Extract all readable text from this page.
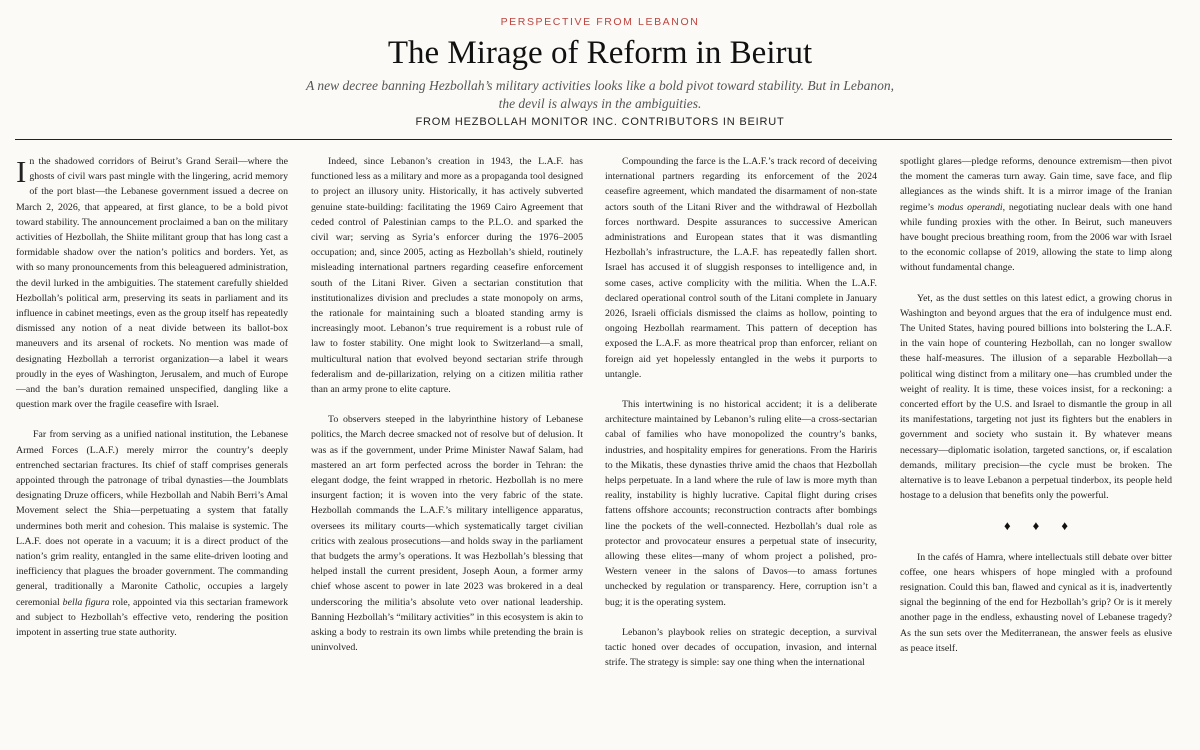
PERSPECTIVE FROM LEBANON
The Mirage of Reform in Beirut

A new decree banning Hezbollah’s military activities looks like a bold pivot toward stability. But in Lebanon, the devil is always in the ambiguities.

FROM HEZBOLLAH MONITOR INC. CONTRIBUTORS IN BEIRUT

In the shadowed corridors of Beirut’s Grand Serail—where the ghosts of civil wars past mingle with the lingering, acrid memory of the port blast—the Lebanese government issued a decree on March 2, 2026, that appeared, at first glance, to be a bold pivot toward stability. The announcement proclaimed a ban on the military activities of Hezbollah, the Shiite militant group that has long cast a formidable shadow over the nation’s politics and borders. Yet, as with so many pronouncements from this beleaguered administration, the devil lurked in the ambiguities. The statement carefully shielded Hezbollah’s political arm, preserving its seats in parliament and its influence in cabinet meetings, even as the group itself has repeatedly dismissed any notion of a neat divide between its ballot-box maneuvers and its arsenal of rockets. No mention was made of designating Hezbollah a terrorist organization—a label it wears proudly in the eyes of Washington, Jerusalem, and much of Europe—and the ban’s duration remained unspecified, dangling like a question mark over the fragile ceasefire with Israel.

Far from serving as a unified national institution, the Lebanese Armed Forces (L.A.F.) merely mirror the country’s deeply entrenched sectarian fractures. Its chief of staff comprises generals appointed through the patronage of tribal dynasties—the Joumblats designating Druze officers, while Hezbollah and Nabih Berri’s Amal Movement select the Shia—perpetuating a system that fatally undermines both merit and cohesion. This malaise is systemic. The L.A.F. does not operate in a vacuum; it is a direct product of the nation’s grim reality, entangled in the same elite-driven looting and inefficiency that plagues the broader government. The commanding general, traditionally a Maronite Catholic, occupies a largely ceremonial bella figura role, appointed via this sectarian framework and subject to Hezbollah’s effective veto, rendering the position impotent in asserting true state authority.

Indeed, since Lebanon’s creation in 1943, the L.A.F. has functioned less as a military and more as a propaganda tool designed to project an illusory unity. Historically, it has actively subverted genuine state-building: facilitating the 1969 Cairo Agreement that ceded control of Palestinian camps to the P.L.O. and sparked the civil war; serving as Syria’s enforcer during the 1976–2005 occupation; and, since 2005, acting as Hezbollah’s shield, routinely misleading international partners regarding ceasefire enforcement south of the Litani River. Given a sectarian constitution that institutionalizes division and precludes a state monopoly on arms, the rationale for maintaining such a bloated standing army is increasingly moot. Lebanon’s true requirement is a robust rule of law to foster stability. One might look to Switzerland—a small, multicultural nation that evolved beyond sectarian strife through federalism and de-pillarization, relying on a citizen militia rather than an army prone to elite capture.

To observers steeped in the labyrinthine history of Lebanese politics, the March decree smacked not of resolve but of delusion. It was as if the government, under Prime Minister Nawaf Salam, had mastered an art form perfected across the border in Tehran: the elegant dodge, the feint wrapped in rhetoric. Hezbollah is no mere insurgent faction; it is woven into the very fabric of the state. Hezbollah commands the L.A.F.’s military intelligence apparatus, oversees its military courts—which systematically target civilian critics with zealous prosecutions—and holds sway in the parliament that budgets the army’s operations. It was Hezbollah’s blessing that helped install the current president, Joseph Aoun, a former army chief whose ascent to power in late 2023 was brokered in a deal underscoring the militia’s absolute veto over national leadership. Banning Hezbollah’s “military activities” in this ecosystem is akin to asking a body to restrain its own limbs while pretending the brain is uninvolved.

Compounding the farce is the L.A.F.’s track record of deceiving international partners regarding its enforcement of the 2024 ceasefire agreement, which mandated the disarmament of non-state actors south of the Litani River and the withdrawal of Hezbollah forces northward. Despite assurances to successive American administrations and European states that it was dismantling Hezbollah’s infrastructure, the L.A.F. has repeatedly fallen short. Israel has accused it of sluggish responses to intelligence and, in some cases, active complicity with the militia. When the L.A.F. declared operational control south of the Litani complete in January 2026, Israeli officials dismissed the claims as hollow, pointing to ongoing Hezbollah rearmament. This pattern of deception has exposed the L.A.F. as more theatrical prop than enforcer, reliant on foreign aid yet hopelessly entangled in the webs it purports to untangle.

This intertwining is no historical accident; it is a deliberate architecture maintained by Lebanon’s ruling elite—a cross-sectarian cabal of families who have monopolized the country’s banks, industries, and hospitality empires for generations. From the Hariris to the Mikatis, these dynasties thrive amid the chaos that Hezbollah helps perpetuate. In a land where the rule of law is more myth than reality, instability is highly lucrative. Capital flight during crises fattens offshore accounts; reconstruction contracts after bombings line the pockets of the well-connected. Hezbollah’s dual role as protector and provocateur ensures a perpetual state of insecurity, allowing these elites—many of whom project a polished, pro-Western veneer in the salons of Davos—to amass fortunes unchecked by regulation or transparency. Here, corruption isn’t a bug; it is the operating system.

Lebanon’s playbook relies on strategic deception, a survival tactic honed over decades of occupation, invasion, and internal strife. The strategy is simple: say one thing when the international

spotlight glares—pledge reforms, denounce extremism—then pivot the moment the cameras turn away. Gain time, save face, and flip allegiances as the winds shift. It is a mirror image of the Iranian regime’s modus operandi, negotiating nuclear deals with one hand while funding proxies with the other. In Beirut, such maneuvers have bought precious breathing room, from the 2006 war with Israel to the economic collapse of 2019, allowing the state to limp along without fundamental change.

Yet, as the dust settles on this latest edict, a growing chorus in Washington and beyond argues that the era of indulgence must end. The United States, having poured billions into bolstering the L.A.F. in the vain hope of countering Hezbollah, can no longer swallow these half-measures. The illusion of a separable Hezbollah—a political wing distinct from a military one—has crumbled under the weight of reality. It is time, these voices insist, for a reckoning: a concerted effort by the U.S. and Israel to dismantle the group in all its manifestations, targeting not just its fighters but the enablers in government and society who sustain it. By whatever means necessary—diplomatic isolation, targeted sanctions, or, if escalation demands, military precision—the cycle must be broken. The alternative is to leave Lebanon a perpetual tinderbox, its people held hostage to a delusion that benefits only the powerful.

♦♦♦

In the cafés of Hamra, where intellectuals still debate over bitter coffee, one hears whispers of hope mingled with a profound resignation. Could this ban, flawed and cynical as it is, inadvertently signal the beginning of the end for Hezbollah’s grip? Or is it merely another page in the endless, exhausting novel of Lebanese tragedy? As the sun sets over the Mediterranean, the answer feels as elusive as peace itself.
